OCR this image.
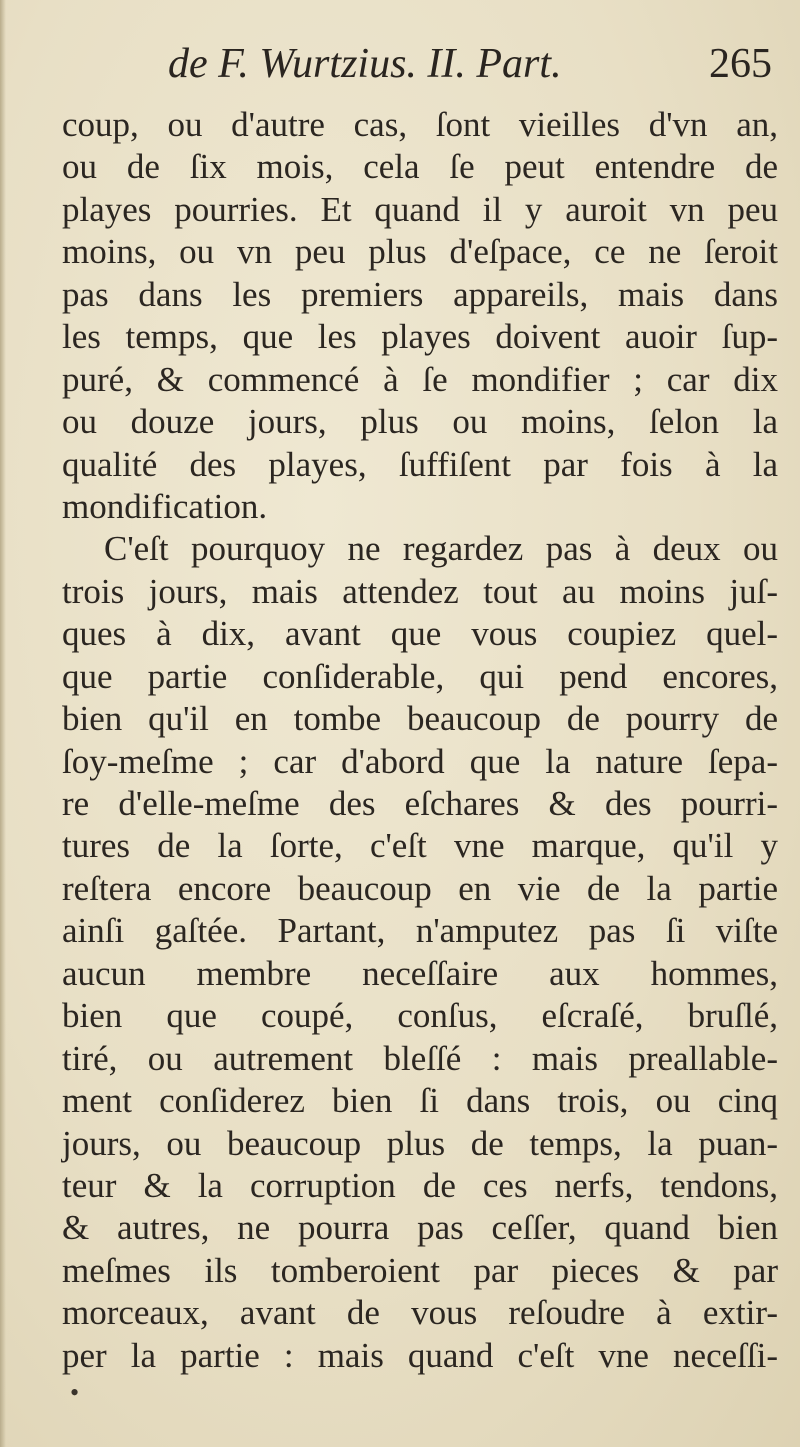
de F. Wurtzius. II. Part.	265
coup, ou d'autre cas, ſont vieilles d'vn an,
ou de ſix mois, cela ſe peut entendre de
playes pourries. Et quand il y auroit vn peu
moins, ou vn peu plus d'eſpace, ce ne ſeroit
pas dans les premiers appareils, mais dans
les temps, que les playes doivent auoir ſup-
puré, & commencé à ſe mondifier ; car dix
ou douze jours, plus ou moins, ſelon la
qualité des playes, ſuffiſent par fois à la
mondification.
C'eſt pourquoy ne regardez pas à deux ou
trois jours, mais attendez tout au moins juſ-
ques à dix, avant que vous coupiez quel-
que partie conſiderable, qui pend encores,
bien qu'il en tombe beaucoup de pourry de
ſoy-meſme ; car d'abord que la nature ſepa-
re d'elle-meſme des eſchares & des pourri-
tures de la ſorte, c'eſt vne marque, qu'il y
reſtera encore beaucoup en vie de la partie
ainſi gaſtée. Partant, n'amputez pas ſi viſte
aucun membre neceſſaire aux hommes,
bien que coupé, conſus, eſcraſé, bruſlé,
tiré, ou autrement bleſſé : mais preallable-
ment conſiderez bien ſi dans trois, ou cinq
jours, ou beaucoup plus de temps, la puan-
teur & la corruption de ces nerfs, tendons,
& autres, ne pourra pas ceſſer, quand bien
meſmes ils tomberoient par pieces & par
morceaux, avant de vous reſoudre à extir-
per la partie : mais quand c'eſt vne neceſſi-
•
